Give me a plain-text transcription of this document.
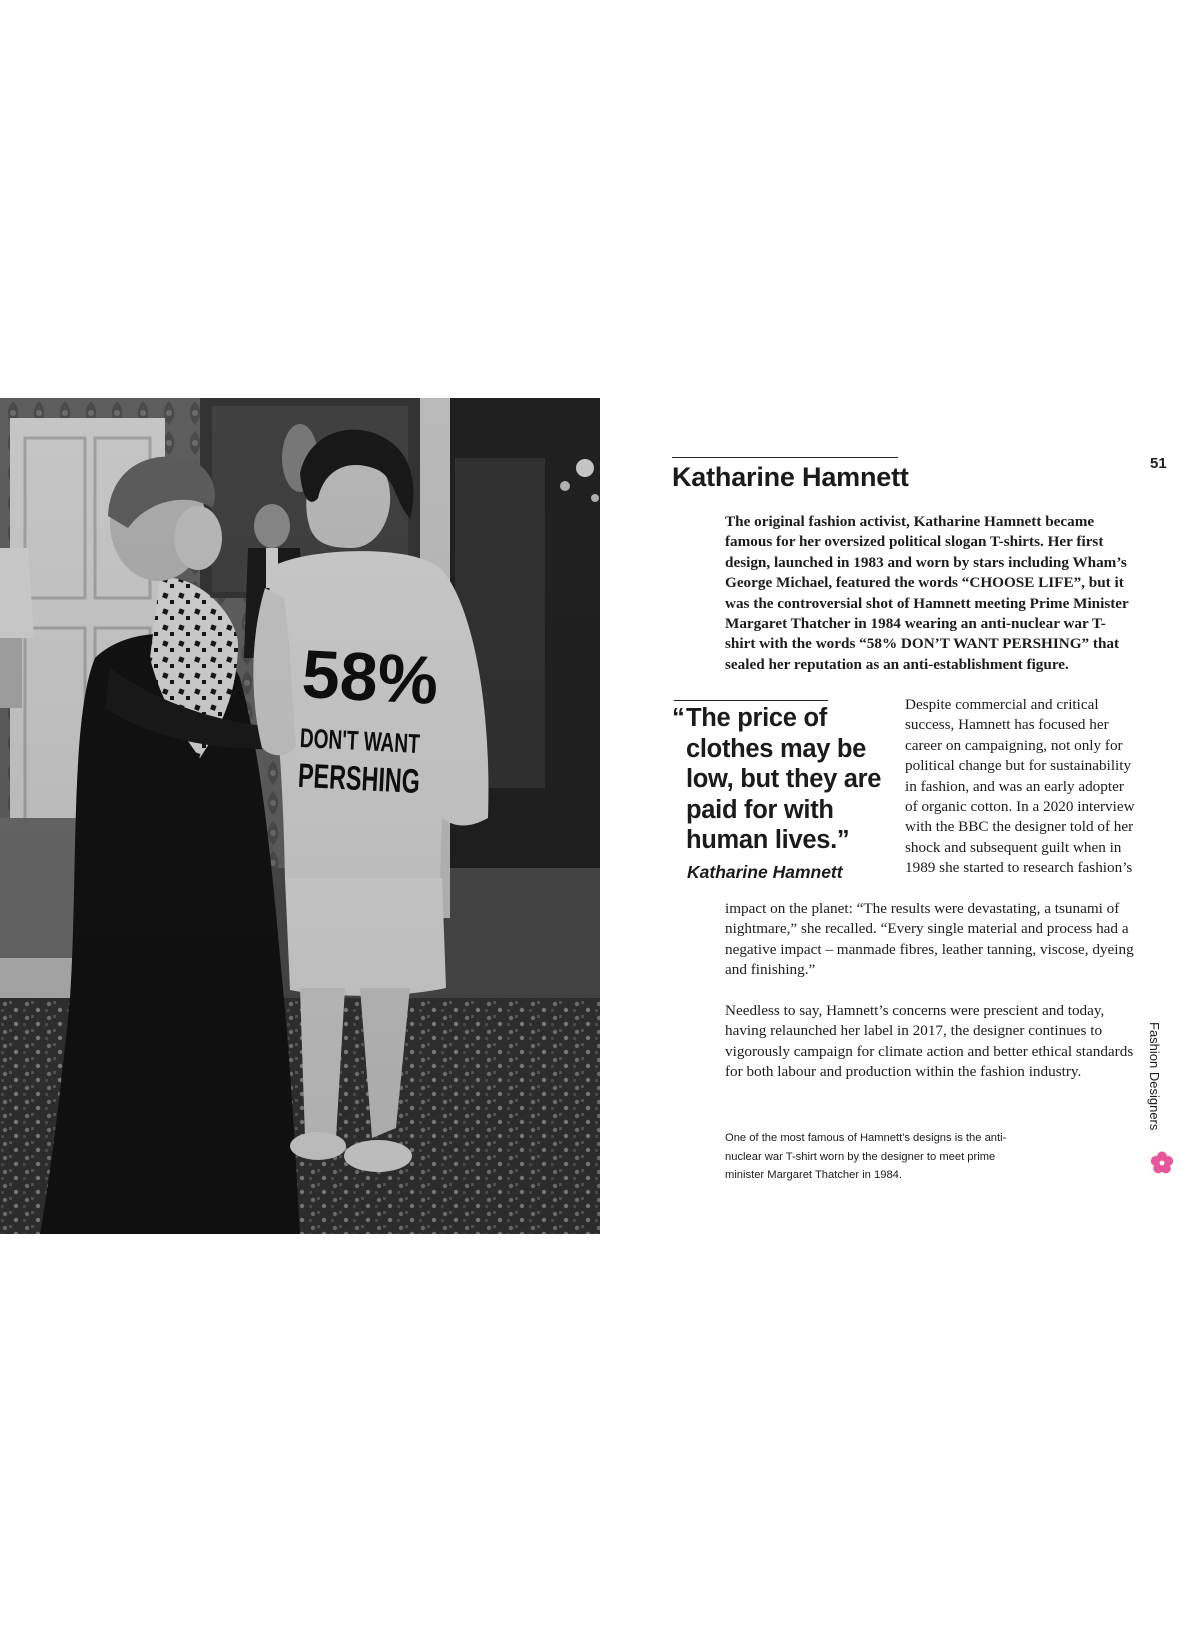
51
Katharine Hamnett

The original fashion activist, Katharine Hamnett became famous for her oversized political slogan T-shirts. Her first design, launched in 1983 and worn by stars including Wham’s George Michael, featured the words “CHOOSE LIFE”, but it was the controversial shot of Hamnett meeting Prime Minister Margaret Thatcher in 1984 wearing an anti-nuclear war T-shirt with the words “58% DON’T WANT PERSHING” that sealed her reputation as an anti-establishment figure.

“The price of clothes may be low, but they are paid for with human lives.”

Katharine Hamnett

Despite commercial and critical success, Hamnett has focused her career on campaigning, not only for political change but for sustainability in fashion, and was an early adopter of organic cotton. In a 2020 interview with the BBC the designer told of her shock and subsequent guilt when in 1989 she started to research fashion’s

impact on the planet: “The results were devastating, a tsunami of nightmare,” she recalled. “Every single material and process had a negative impact – manmade fibres, leather tanning, viscose, dyeing and finishing.”

Needless to say, Hamnett’s concerns were prescient and today, having relaunched her label in 2017, the designer continues to vigorously campaign for climate action and better ethical standards for both labour and production within the fashion industry.

One of the most famous of Hamnett's designs is the anti-nuclear war T-shirt worn by the designer to meet prime minister Margaret Thatcher in 1984.

Fashion Designers
